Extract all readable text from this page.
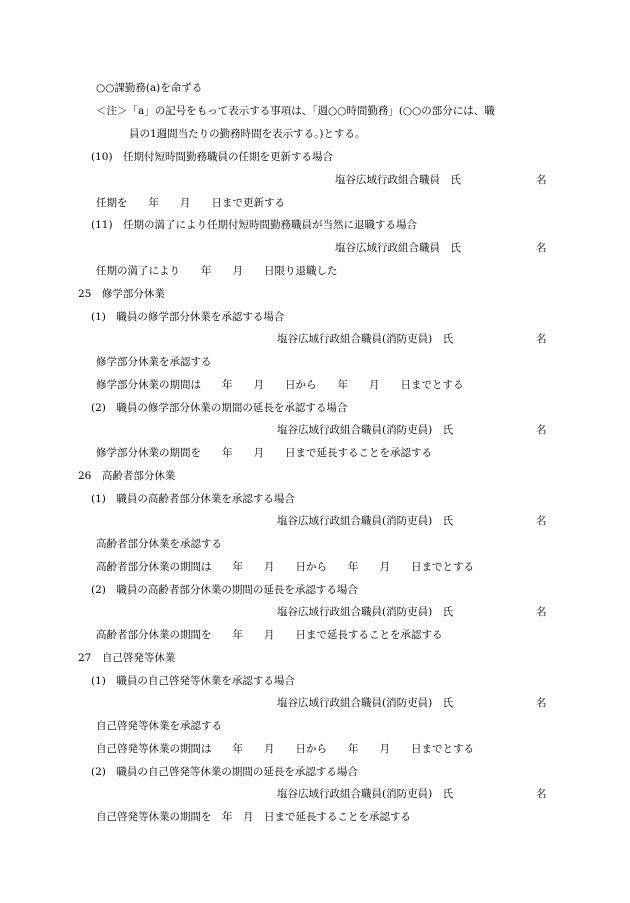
○○課勤務(a)を命ずる
＜注＞「a」の記号をもって表示する事項は、「週○○時間勤務」(○○の部分には、職
員の1週間当たりの勤務時間を表示する。)とする。
(10)　任期付短時間勤務職員の任期を更新する場合
塩谷広域行政組合職員　氏	名
任期を　　年　　月　　日まで更新する
(11)　任期の満了により任期付短時間勤務職員が当然に退職する場合
塩谷広域行政組合職員　氏	名
任期の満了により　　年　　月　　日限り退職した
25　修学部分休業
(1)　職員の修学部分休業を承認する場合
塩谷広域行政組合職員(消防吏員)　氏	名
修学部分休業を承認する
修学部分休業の期間は　　年　　月　　日から　　年　　月　　日までとする
(2)　職員の修学部分休業の期間の延長を承認する場合
塩谷広域行政組合職員(消防吏員)　氏	名
修学部分休業の期間を　　年　　月　　日まで延長することを承認する
26　高齢者部分休業
(1)　職員の高齢者部分休業を承認する場合
塩谷広域行政組合職員(消防吏員)　氏	名
高齢者部分休業を承認する
高齢者部分休業の期間は　　年　　月　　日から　　年　　月　　日までとする
(2)　職員の高齢者部分休業の期間の延長を承認する場合
塩谷広域行政組合職員(消防吏員)　氏	名
高齢者部分休業の期間を　　年　　月　　日まで延長することを承認する
27　自己啓発等休業
(1)　職員の自己啓発等休業を承認する場合
塩谷広域行政組合職員(消防吏員)　氏	名
自己啓発等休業を承認する
自己啓発等休業の期間は　　年　　月　　日から　　年　　月　　日までとする
(2)　職員の自己啓発等休業の期間の延長を承認する場合
塩谷広域行政組合職員(消防吏員)　氏	名
自己啓発等休業の期間を　年　月　日まで延長することを承認する
